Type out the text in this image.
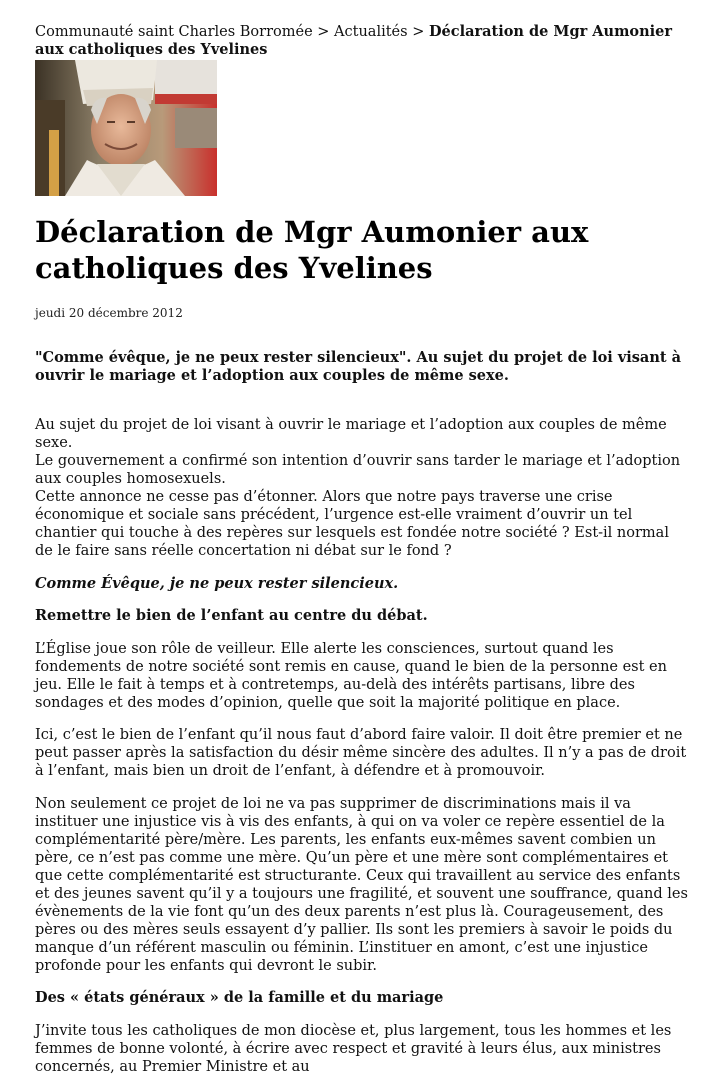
Communauté saint Charles Borromée > Actualités > Déclaration de Mgr Aumonier aux catholiques des Yvelines
Déclaration de Mgr Aumonier aux catholiques des Yvelines
jeudi 20 décembre 2012

"Comme évêque, je ne peux rester silencieux". Au sujet du projet de loi visant à ouvrir le mariage et l’adoption aux couples de même sexe.

Au sujet du projet de loi visant à ouvrir le mariage et l’adoption aux couples de même sexe.

Le gouvernement a confirmé son intention d’ouvrir sans tarder le mariage et l’adoption aux couples homosexuels.

Cette annonce ne cesse pas d’étonner. Alors que notre pays traverse une crise économique et sociale sans précédent, l’urgence est-elle vraiment d’ouvrir un tel chantier qui touche à des repères sur lesquels est fondée notre société ? Est-il normal de le faire sans réelle concertation ni débat sur le fond ?

Comme Évêque, je ne peux rester silencieux.

Remettre le bien de l’enfant au centre du débat.

L’Église joue son rôle de veilleur. Elle alerte les consciences, surtout quand les fondements de notre société sont remis en cause, quand le bien de la personne est en jeu. Elle le fait à temps et à contretemps, au-delà des intérêts partisans, libre des sondages et des modes d’opinion, quelle que soit la majorité politique en place.

Ici, c’est le bien de l’enfant qu’il nous faut d’abord faire valoir. Il doit être premier et ne peut passer après la satisfaction du désir même sincère des adultes. Il n’y a pas de droit à l’enfant, mais bien un droit de l’enfant, à défendre et à promouvoir.

Non seulement ce projet de loi ne va pas supprimer de discriminations mais il va instituer une injustice vis à vis des enfants, à qui on va voler ce repère essentiel de la complémentarité père/mère. Les parents, les enfants eux-mêmes savent combien un père, ce n’est pas comme une mère. Qu’un père et une mère sont complémentaires et que cette complémentarité est structurante. Ceux qui travaillent au service des enfants et des jeunes savent qu’il y a toujours une fragilité, et souvent une souffrance, quand les évènements de la vie font qu’un des deux parents n’est plus là. Courageusement, des pères ou des mères seuls essayent d’y pallier. Ils sont les premiers à savoir le poids du manque d’un référent masculin ou féminin. L’instituer en amont, c’est une injustice profonde pour les enfants qui devront le subir.

Des « états généraux » de la famille et du mariage

J’invite tous les catholiques de mon diocèse et, plus largement, tous les hommes et les femmes de bonne volonté, à écrire avec respect et gravité à leurs élus, aux ministres concernés, au Premier Ministre et au
